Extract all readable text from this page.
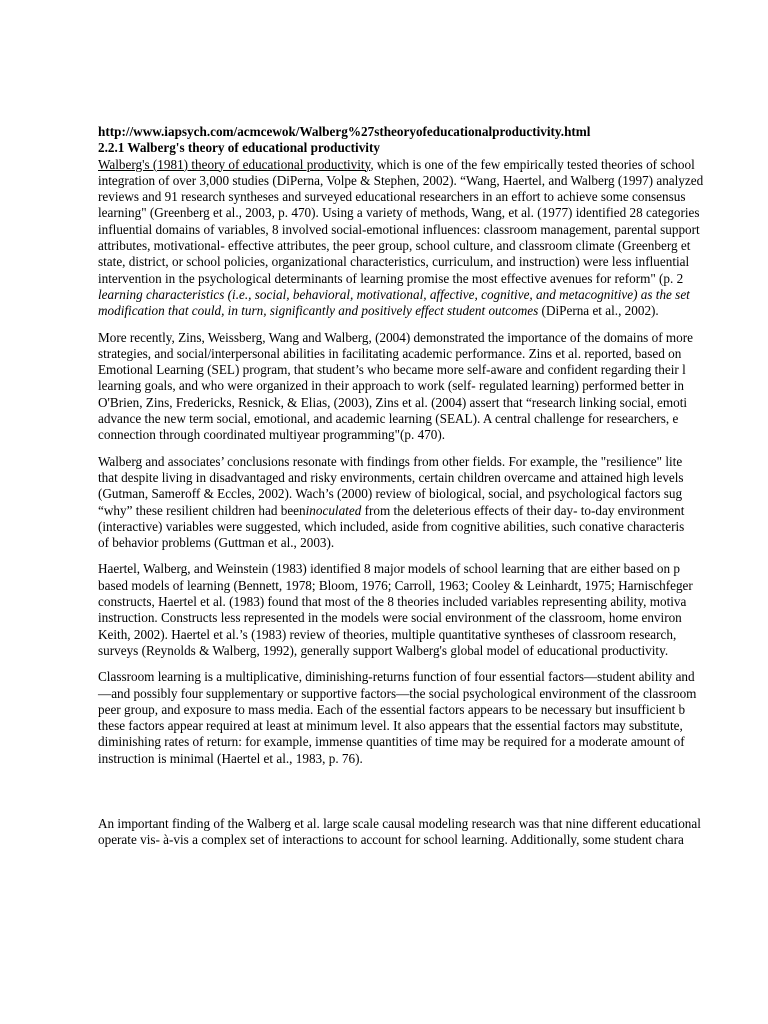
http://www.iapsych.com/acmcewok/Walberg%27stheoryofeducationalproductivity.html
2.2.1 Walberg's theory of educational productivity
Walberg's (1981) theory of educational productivity, which is one of the few empirically tested theories of school
integration of over 3,000 studies (DiPerna, Volpe & Stephen, 2002). “Wang, Haertel, and Walberg (1997) analyzed
reviews and 91 research syntheses and surveyed educational researchers in an effort to achieve some consensus
learning" (Greenberg et al., 2003, p. 470). Using a variety of methods, Wang, et al. (1977) identified 28 categories
influential domains of variables, 8 involved social-emotional influences: classroom management, parental support
attributes, motivational- effective attributes, the peer group, school culture, and classroom climate (Greenberg et
state, district, or school policies, organizational characteristics, curriculum, and instruction) were less influential
intervention in the psychological determinants of learning promise the most effective avenues for reform" (p. 2
learning characteristics (i.e., social, behavioral, motivational, affective, cognitive, and metacognitive) as the set
modification that could, in turn, significantly and positively effect student outcomes (DiPerna et al., 2002).
More recently, Zins, Weissberg, Wang and Walberg, (2004) demonstrated the importance of the domains of more
strategies, and social/interpersonal abilities in facilitating academic performance. Zins et al. reported, based on
Emotional Learning (SEL) program, that student’s who became more self-aware and confident regarding their l
learning goals, and who were organized in their approach to work (self- regulated learning) performed better in
O'Brien, Zins, Fredericks, Resnick, & Elias, (2003), Zins et al. (2004) assert that “research linking social, emoti
advance the new term social, emotional, and academic learning (SEAL). A central challenge for researchers, e
connection through coordinated multiyear programming"(p. 470).
Walberg and associates’ conclusions resonate with findings from other fields. For example, the "resilience" lite
that despite living in disadvantaged and risky environments, certain children overcame and attained high levels
(Gutman, Sameroff & Eccles, 2002). Wach’s (2000) review of biological, social, and psychological factors sug
“why” these resilient children had beeninoculated from the deleterious effects of their day- to-day environment
(interactive) variables were suggested, which included, aside from cognitive abilities, such conative characteris
of behavior problems (Guttman et al., 2003).
Haertel, Walberg, and Weinstein (1983) identified 8 major models of school learning that are either based on p
based models of learning (Bennett, 1978; Bloom, 1976; Carroll, 1963; Cooley & Leinhardt, 1975; Harnischfeger
constructs, Haertel et al. (1983) found that most of the 8 theories included variables representing ability, motiva
instruction. Constructs less represented in the models were social environment of the classroom, home environ
Keith, 2002). Haertel et al.’s (1983) review of theories, multiple quantitative syntheses of classroom research,
surveys (Reynolds & Walberg, 1992), generally support Walberg's global model of educational productivity.
Classroom learning is a multiplicative, diminishing-returns function of four essential factors—student ability and
—and possibly four supplementary or supportive factors—the social psychological environment of the classroom
peer group, and exposure to mass media. Each of the essential factors appears to be necessary but insufficient b
these factors appear required at least at minimum level. It also appears that the essential factors may substitute,
diminishing rates of return: for example, immense quantities of time may be required for a moderate amount of
instruction is minimal (Haertel et al., 1983, p. 76).
An important finding of the Walberg et al. large scale causal modeling research was that nine different educational
operate vis- à-vis a complex set of interactions to account for school learning. Additionally, some student chara
